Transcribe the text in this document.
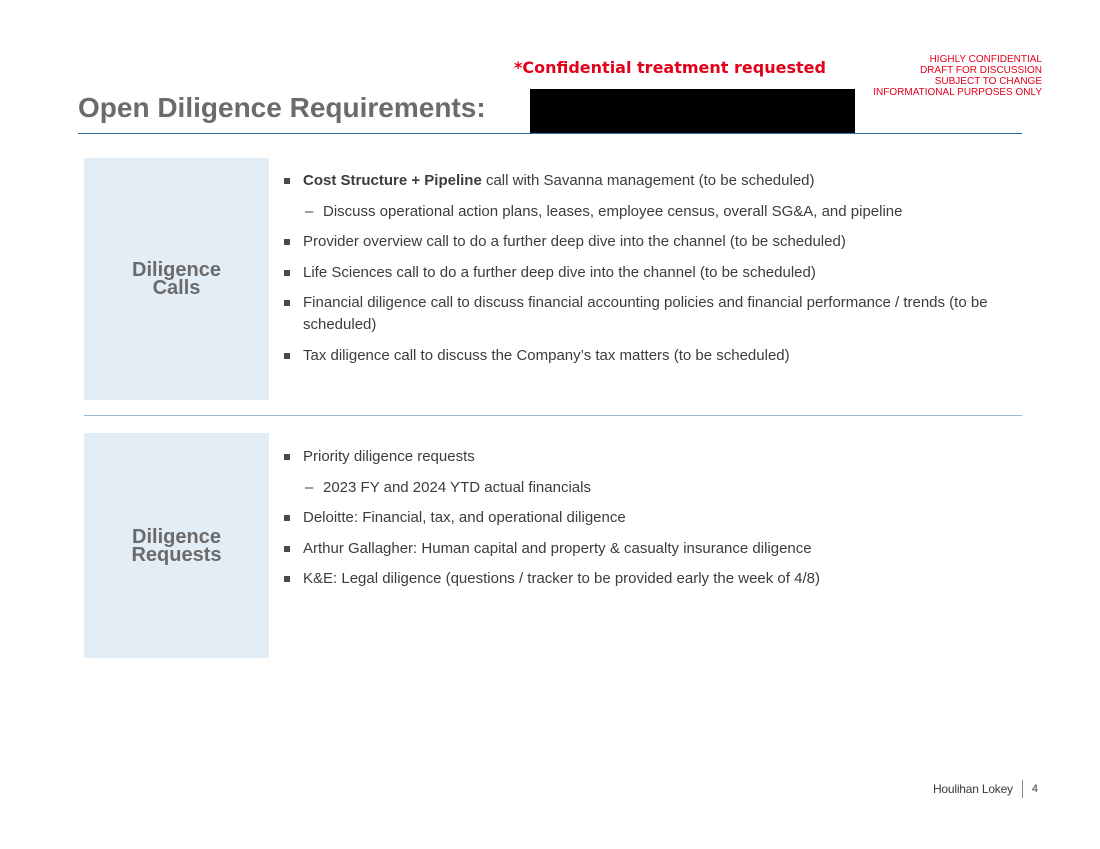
*Confidential treatment requested	HIGHLY CONFIDENTIAL
DRAFT FOR DISCUSSION
SUBJECT TO CHANGE
INFORMATIONAL PURPOSES ONLY
Open Diligence Requirements:
Diligence
Calls
Cost Structure + Pipeline call with Savanna management (to be scheduled)
– Discuss operational action plans, leases, employee census, overall SG&A, and pipeline
Provider overview call to do a further deep dive into the channel (to be scheduled)
Life Sciences call to do a further deep dive into the channel (to be scheduled)
Financial diligence call to discuss financial accounting policies and financial performance / trends (to be scheduled)
Tax diligence call to discuss the Company’s tax matters (to be scheduled)
Diligence
Requests
Priority diligence requests
– 2023 FY and 2024 YTD actual financials
Deloitte: Financial, tax, and operational diligence
Arthur Gallagher: Human capital and property & casualty insurance diligence
K&E: Legal diligence (questions / tracker to be provided early the week of 4/8)
Houlihan Lokey 4
